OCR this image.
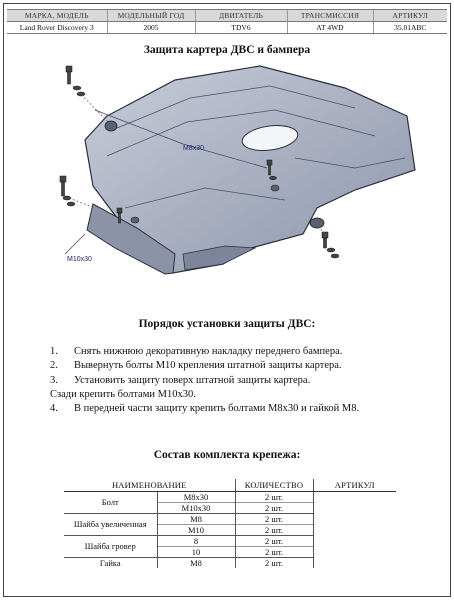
МАРКА, МОДЕЛЬ	МОДЕЛЬНЫЙ ГОД	ДВИГАТЕЛЬ	ТРАНСМИССИЯ	АРТИКУЛ
Land Rover Discovery 3	2005	TDV6	AT 4WD	35.01ABC
Защита картера ДВС и бампера
M8x30
M10x30
Порядок установки защиты ДВС:
1.	Снять нижнюю декоративную накладку переднего бампера.
2.	Вывернуть болты M10 крепления штатной защиты картера.
3.	Установить защиту поверх штатной защиты картера.
Сзади крепить болтами M10x30.
4.	В передней части защиту крепить болтами M8x30 и гайкой M8.
Состав комплекта крепежа:
НАИМЕНОВАНИЕ		КОЛИЧЕСТВО	АРТИКУЛ
Болт	M8x30	2 шт.	
	M10x30	2 шт.	
Шайба увеличенная	M8	2 шт.	
	M10	2 шт.	
Шайба гровер	8	2 шт.	
	10	2 шт.	
Гайка	M8	2 шт.	
